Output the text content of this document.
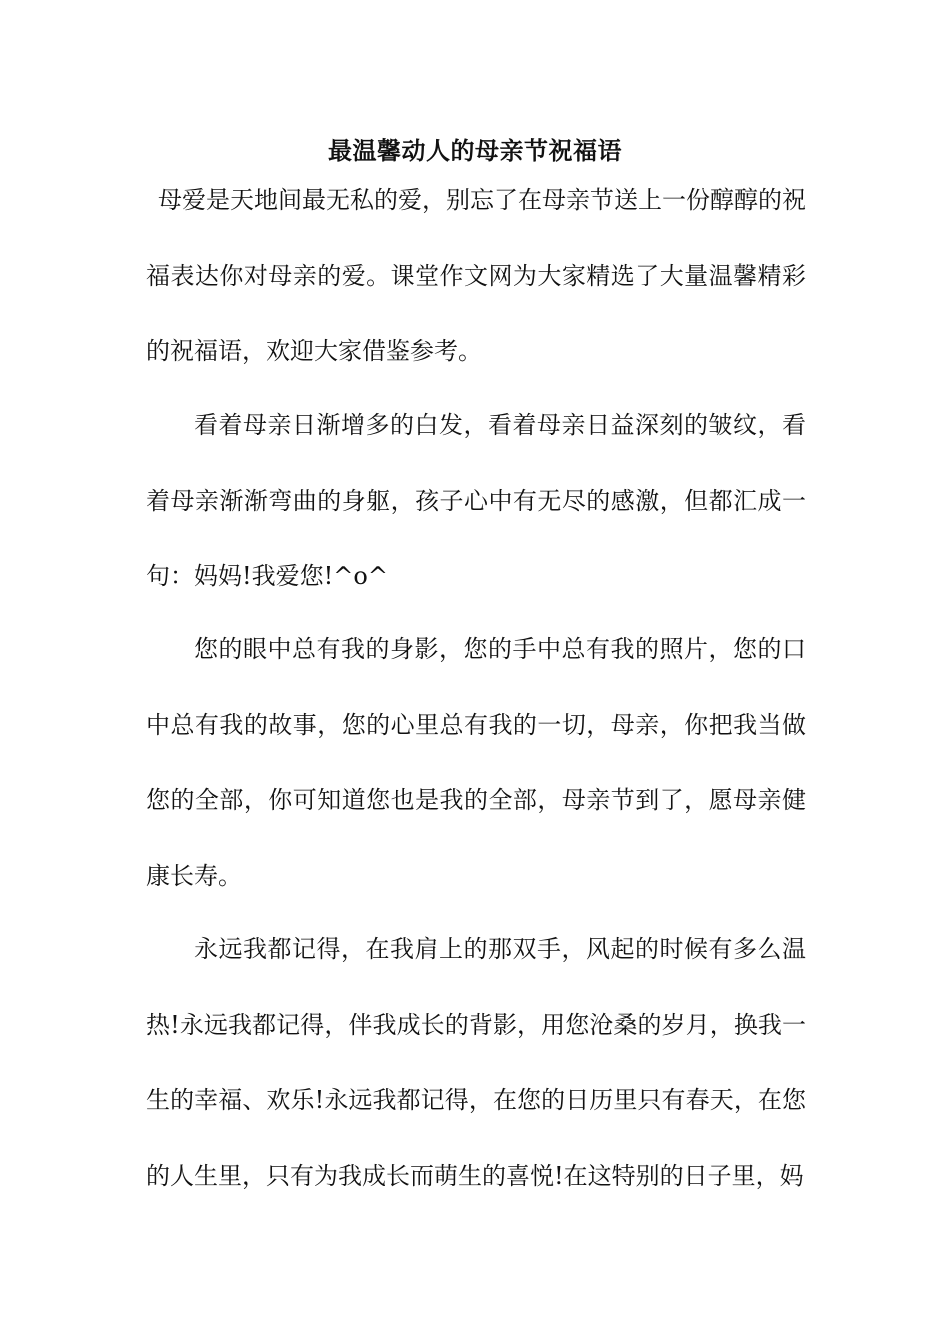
最温馨动人的母亲节祝福语

母爱是天地间最无私的爱，别忘了在母亲节送上一份醇醇的祝福表达你对母亲的爱。课堂作文网为大家精选了大量温馨精彩的祝福语，欢迎大家借鉴参考。

看着母亲日渐增多的白发，看着母亲日益深刻的皱纹，看着母亲渐渐弯曲的身躯，孩子心中有无尽的感激，但都汇成一句：妈妈!我爱您!^o^

您的眼中总有我的身影，您的手中总有我的照片，您的口中总有我的故事，您的心里总有我的一切，母亲，你把我当做您的全部，你可知道您也是我的全部，母亲节到了，愿母亲健康长寿。

永远我都记得，在我肩上的那双手，风起的时候有多么温热!永远我都记得，伴我成长的背影，用您沧桑的岁月，换我一生的幸福、欢乐!永远我都记得，在您的日历里只有春天，在您的人生里，只有为我成长而萌生的喜悦!在这特别的日子里，妈
